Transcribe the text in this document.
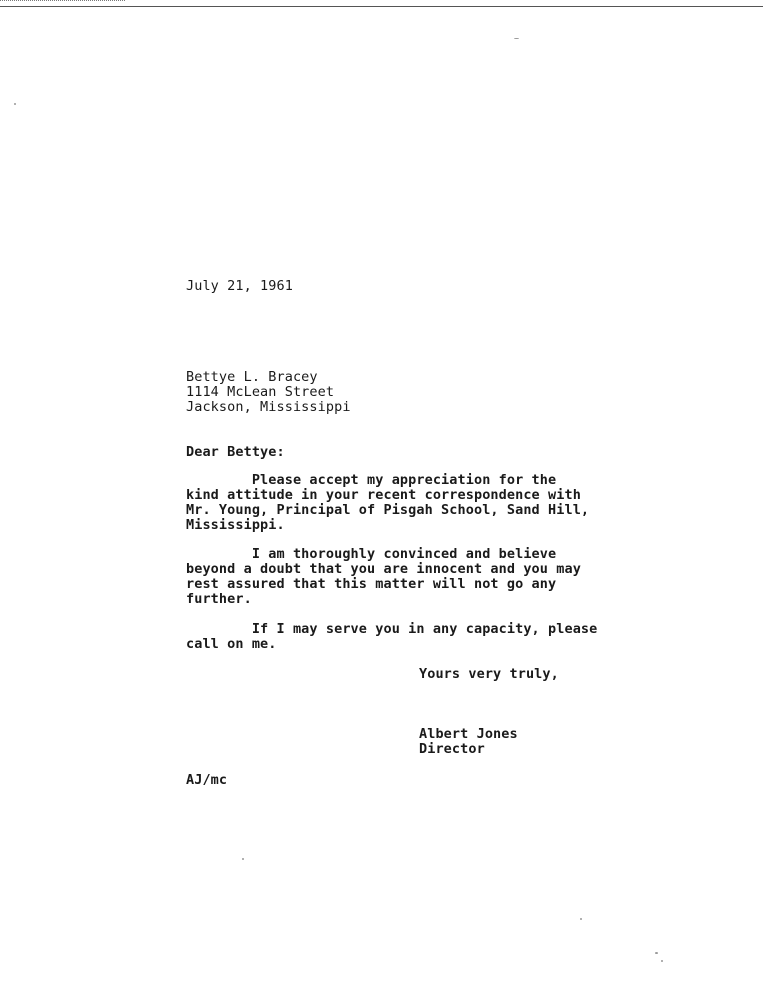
July 21, 1961
Bettye L. Bracey
1114 McLean Street
Jackson, Mississippi
Dear Bettye:
Please accept my appreciation for the
kind attitude in your recent correspondence with
Mr. Young, Principal of Pisgah School, Sand Hill,
Mississippi.
I am thoroughly convinced and believe
beyond a doubt that you are innocent and you may
rest assured that this matter will not go any
further.
If I may serve you in any capacity, please
call on me.
Yours very truly,
Albert Jones
Director
AJ/mc
